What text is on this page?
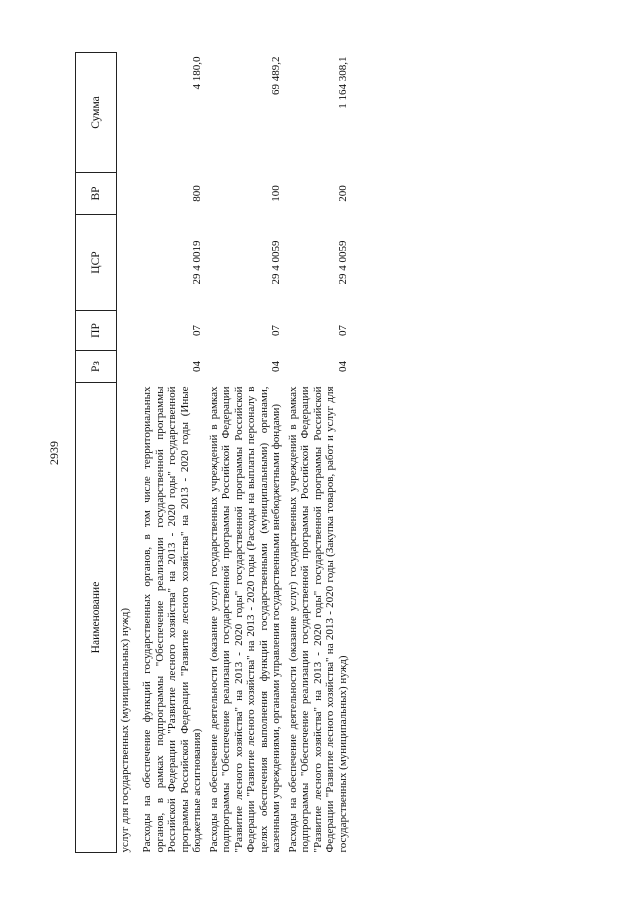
2939
Наименование	Рз	ПР	ЦСР	ВР	Сумма
услуг для государственных (муниципальных) нужд)					
Расходы на обеспечение функций государственных органов, в том числе территориальных органов, в рамках подпрограммы "Обеспечение реализации государственной программы Российской Федерации "Развитие лесного хозяйства" на 2013 - 2020 годы" государственной программы Российской Федерации "Развитие лесного хозяйства" на 2013 - 2020 годы (Иные бюджетные ассигнования)	04	07	29 4 0019	800	4 180,0
Расходы на обеспечение деятельности (оказание услуг) государственных учреждений в рамках подпрограммы "Обеспечение реализации государственной программы Российской Федерации "Развитие лесного хозяйства" на 2013 - 2020 годы" государственной программы Российской Федерации "Развитие лесного хозяйства" на 2013 - 2020 годы (Расходы на выплаты персоналу в целях обеспечения выполнения функций государственными (муниципальными) органами, казенными учреждениями, органами управления государственными внебюджетными фондами)	04	07	29 4 0059	100	69 489,2
Расходы на обеспечение деятельности (оказание услуг) государственных учреждений в рамках подпрограммы "Обеспечение реализации государственной программы Российской Федерации "Развитие лесного хозяйства" на 2013 - 2020 годы" государственной программы Российской Федерации "Развитие лесного хозяйства" на 2013 - 2020 годы (Закупка товаров, работ и услуг для государственных (муниципальных) нужд)	04	07	29 4 0059	200	1 164 308,1
